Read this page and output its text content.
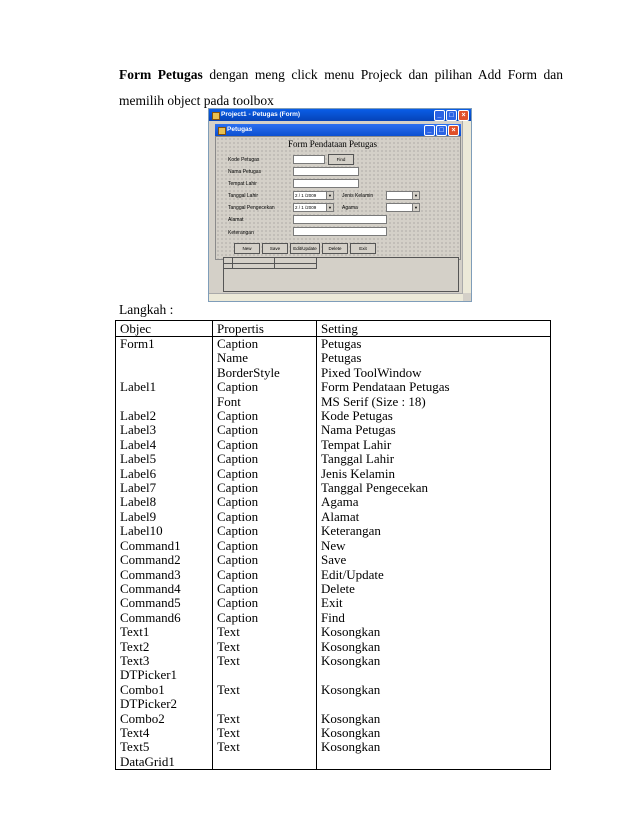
Form Petugas dengan meng click menu Projeck dan pilihan Add Form dan memilih object pada toolbox
Project1 - Petugas (Form)	_	□	×
Petugas	_	□	×
Form Pendataan Petugas
Kode Petugas	Find
Nama Petugas
Tempat Lahir
Tanggal Lahir	2 / 1 /2009	▼ Jenis Kelamin	▼
Tanggal Pengecekan	2 / 1 /2009	▼ Agama	▼
Alamat
Keterangan
New	Save	Edit/Update	Delete	Exit
Langkah :
Objec	Propertis	Setting
Form1	Caption	Petugas
	Name	Petugas
	BorderStyle	Pixed ToolWindow
Label1	Caption	Form Pendataan Petugas
	Font	MS Serif (Size : 18)
Label2	Caption	Kode Petugas
Label3	Caption	Nama Petugas
Label4	Caption	Tempat Lahir
Label5	Caption	Tanggal Lahir
Label6	Caption	Jenis Kelamin
Label7	Caption	Tanggal Pengecekan
Label8	Caption	Agama
Label9	Caption	Alamat
Label10	Caption	Keterangan
Command1	Caption	New
Command2	Caption	Save
Command3	Caption	Edit/Update
Command4	Caption	Delete
Command5	Caption	Exit
Command6	Caption	Find
Text1	Text	Kosongkan
Text2	Text	Kosongkan
Text3	Text	Kosongkan
DTPicker1		
Combo1	Text	Kosongkan
DTPicker2		
Combo2	Text	Kosongkan
Text4	Text	Kosongkan
Text5	Text	Kosongkan
DataGrid1		
